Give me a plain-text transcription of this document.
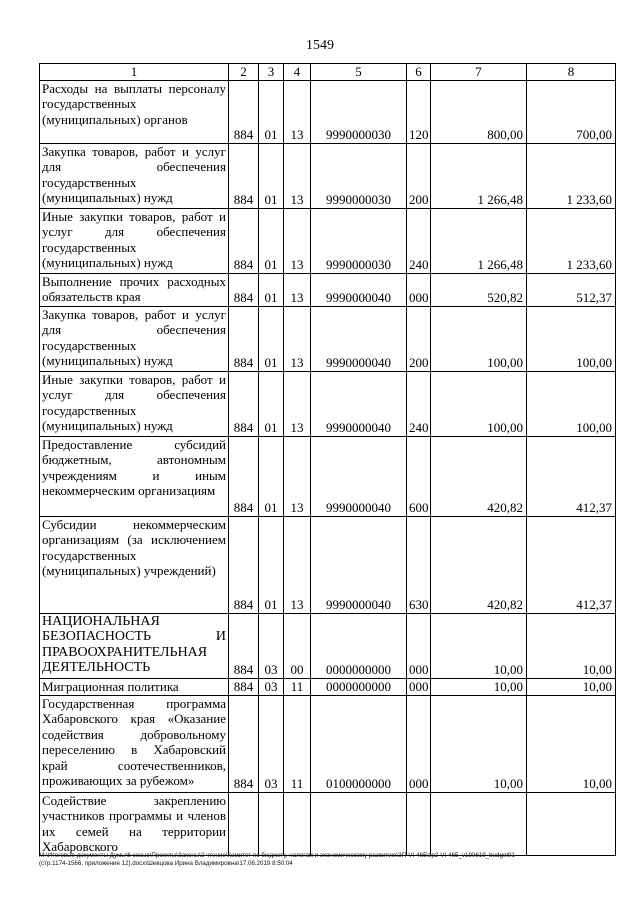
1549
1	2	3	4	5	6	7	8
Расходы на выплаты персоналу государственных (муниципальных) органов	884	01	13	9990000030	120	800,00	700,00
Закупка товаров, работ и услуг для обеспечения государственных (муниципальных) нужд	884	01	13	9990000030	200	1 266,48	1 233,60
Иные закупки товаров, работ и услуг для обеспечения государственных (муниципальных) нужд	884	01	13	9990000030	240	1 266,48	1 233,60
Выполнение прочих расходных обязательств края	884	01	13	9990000040	000	520,82	512,37
Закупка товаров, работ и услуг для обеспечения государственных (муниципальных) нужд	884	01	13	9990000040	200	100,00	100,00
Иные закупки товаров, работ и услуг для обеспечения государственных (муниципальных) нужд	884	01	13	9990000040	240	100,00	100,00
Предоставление субсидий бюджетным, автономным учреждениям и иным некоммерческим организациям	884	01	13	9990000040	600	420,82	412,37
Субсидии некоммерческим организациям (за исключением государственных (муниципальных) учреждений)	884	01	13	9990000040	630	420,82	412,37
НАЦИОНАЛЬНАЯ БЕЗОПАСНОСТЬ И ПРАВООХРАНИТЕЛЬНАЯ ДЕЯТЕЛЬНОСТЬ	884	03	00	0000000000	000	10,00	10,00
Миграционная политика	884	03	11	0000000000	000	10,00	10,00
Государственная программа Хабаровского края «Оказание содействия добровольному переселению в Хабаровский край соотечественников, проживающих за рубежом»	884	03	11	0100000000	000	10,00	10,00
Содействие закреплению участников программы и членов их семей на территории Хабаровского							
M:\Итоговые документы Думы\6 созыв\Проекты\Законы\2 чтение\Комитет по бюджету, налогам и экономическому развитию\ЗП-VI-465\zp2-VI-465_v190619_budget01
(стр.1174-1566, приложение 12).docx\Шевцова Ирина Владимировна\17.06.2019 8:50:04
